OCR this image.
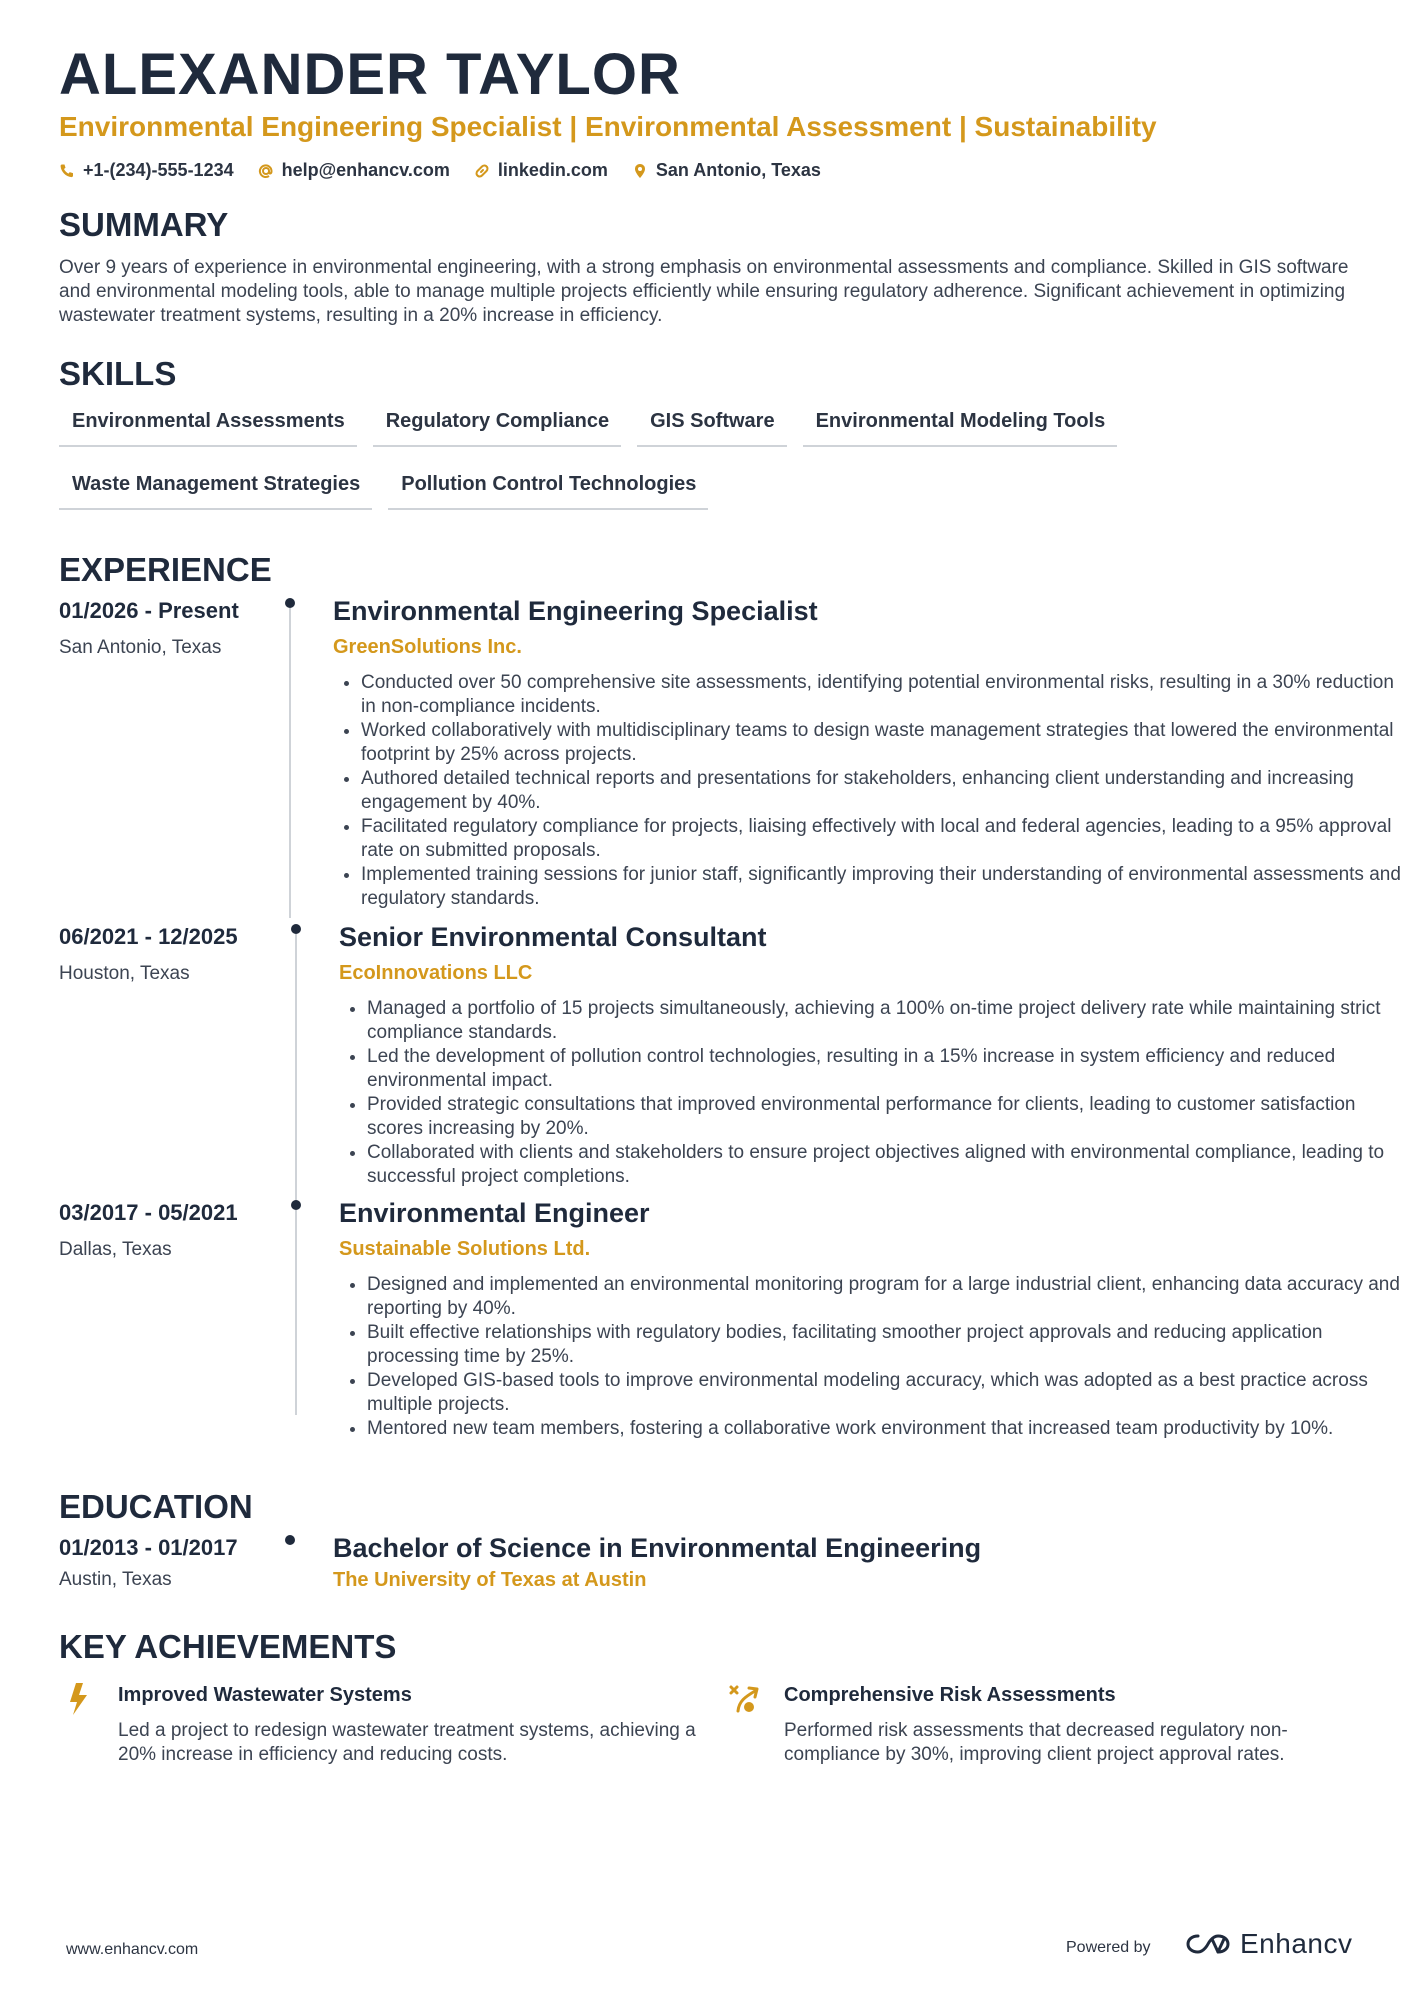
ALEXANDER TAYLOR

Environmental Engineering Specialist | Environmental Assessment | Sustainability

+1-(234)-555-1234	help@enhancv.com	linkedin.com	San Antonio, Texas
SUMMARY

Over 9 years of experience in environmental engineering, with a strong emphasis on environmental assessments and compliance. Skilled in GIS software and environmental modeling tools, able to manage multiple projects efficiently while ensuring regulatory adherence. Significant achievement in optimizing wastewater treatment systems, resulting in a 20% increase in efficiency.

SKILLS
Environmental Assessments	Regulatory Compliance	GIS Software	Environmental Modeling Tools
Waste Management Strategies	Pollution Control Technologies
EXPERIENCE
01/2026 - Present
San Antonio, Texas
Environmental Engineering Specialist
GreenSolutions Inc.
• Conducted over 50 comprehensive site assessments, identifying potential environmental risks, resulting in a 30% reduction in non-compliance incidents.
• Worked collaboratively with multidisciplinary teams to design waste management strategies that lowered the environmental footprint by 25% across projects.
• Authored detailed technical reports and presentations for stakeholders, enhancing client understanding and increasing engagement by 40%.
• Facilitated regulatory compliance for projects, liaising effectively with local and federal agencies, leading to a 95% approval rate on submitted proposals.
• Implemented training sessions for junior staff, significantly improving their understanding of environmental assessments and regulatory standards.
06/2021 - 12/2025
Houston, Texas
Senior Environmental Consultant
EcoInnovations LLC
• Managed a portfolio of 15 projects simultaneously, achieving a 100% on-time project delivery rate while maintaining strict compliance standards.
• Led the development of pollution control technologies, resulting in a 15% increase in system efficiency and reduced environmental impact.
• Provided strategic consultations that improved environmental performance for clients, leading to customer satisfaction scores increasing by 20%.
• Collaborated with clients and stakeholders to ensure project objectives aligned with environmental compliance, leading to successful project completions.
03/2017 - 05/2021
Dallas, Texas
Environmental Engineer
Sustainable Solutions Ltd.
• Designed and implemented an environmental monitoring program for a large industrial client, enhancing data accuracy and reporting by 40%.
• Built effective relationships with regulatory bodies, facilitating smoother project approvals and reducing application processing time by 25%.
• Developed GIS-based tools to improve environmental modeling accuracy, which was adopted as a best practice across multiple projects.
• Mentored new team members, fostering a collaborative work environment that increased team productivity by 10%.
EDUCATION
01/2013 - 01/2017
Austin, Texas
Bachelor of Science in Environmental Engineering
The University of Texas at Austin
KEY ACHIEVEMENTS
Improved Wastewater Systems
Led a project to redesign wastewater treatment systems, achieving a 20% increase in efficiency and reducing costs.
Comprehensive Risk Assessments
Performed risk assessments that decreased regulatory non-compliance by 30%, improving client project approval rates.
www.enhancv.com	Powered by	Enhancv
